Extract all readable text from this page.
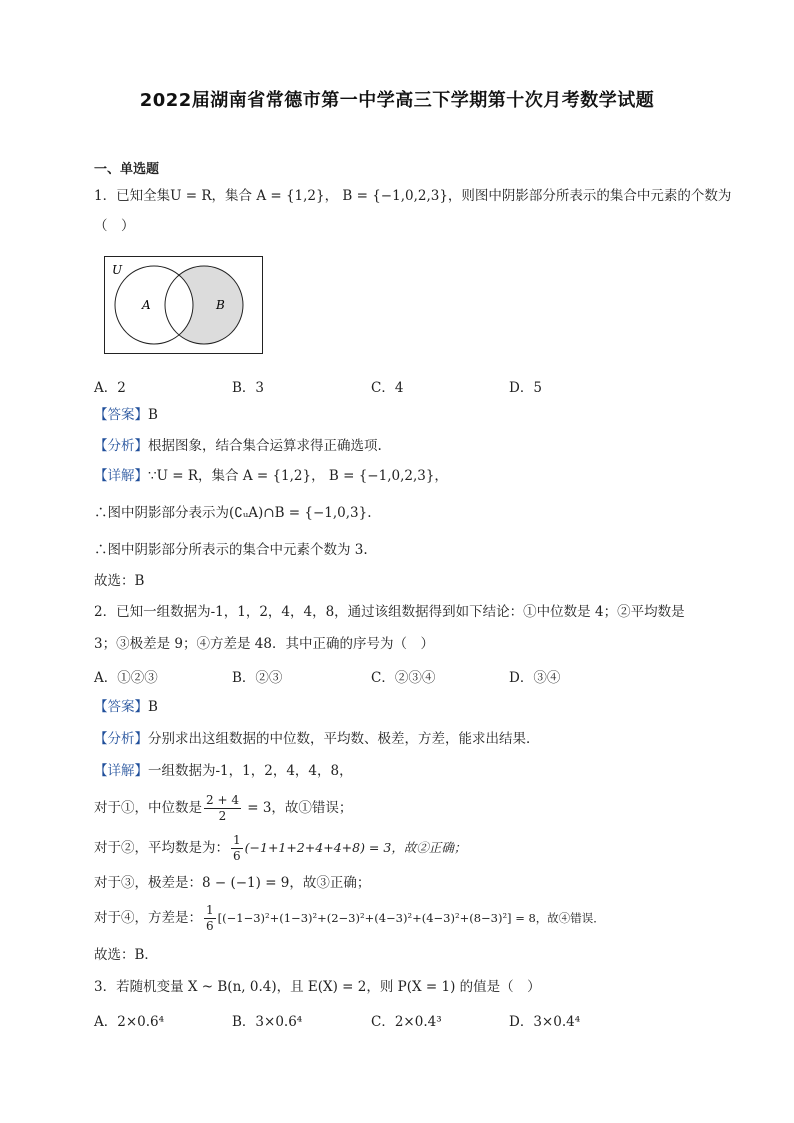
2022届湖南省常德市第一中学高三下学期第十次月考数学试题
一、单选题
1．已知全集U = R，集合 A = {1,2}， B = {−1,0,2,3}，则图中阴影部分所表示的集合中元素的个数为
（　）
U
A	B
A．2	B．3	C．4	D．5
【答案】B
【分析】根据图象，结合集合运算求得正确选项.
【详解】∵U = R，集合 A = {1,2}， B = {−1,0,2,3}，
∴图中阴影部分表示为(∁ᵤA)∩B = {−1,0,3}.
∴图中阴影部分所表示的集合中元素个数为 3.
故选：B
2．已知一组数据为-1，1，2，4，4，8，通过该组数据得到如下结论：①中位数是 4；②平均数是
3；③极差是 9；④方差是 48．其中正确的序号为（　）
A．①②③	B．②③	C．②③④	D．③④
【答案】B
【分析】分别求出这组数据的中位数，平均数、极差，方差，能求出结果．
【详解】一组数据为-1，1，2，4，4，8，
对于①，中位数是 $\frac{2 + 4}{2} = 3$，故①错误；
对于②，平均数是为： $\frac{1}{6} (-1+1+2+4+4+8) = 3$，故②正确；
对于③，极差是：8 − (−1) = 9，故③正确；
对于④，方差是： $\frac{1}{6} [(-1-3)^2+(1-3)^2+(2-3)^2+(4-3)^2+(4-3)^2+(8-3)^2] = 8$，故④错误．
故选：B．
3．若随机变量 X ~ B(n, 0.4)，且 E(X) = 2，则 P(X = 1) 的值是（　）
A．2×0.6⁴	B．3×0.6⁴	C．2×0.4³	D．3×0.4⁴
